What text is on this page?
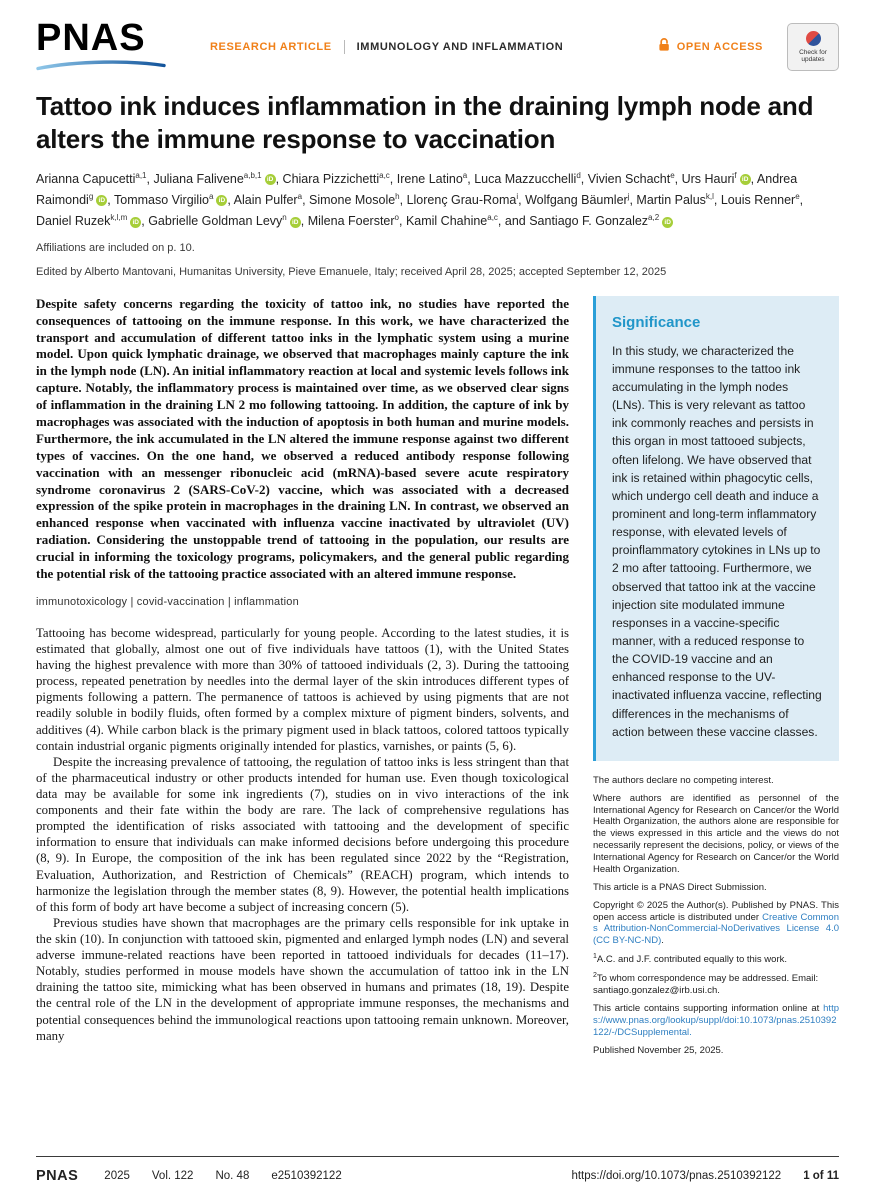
PNAS	RESEARCH ARTICLE IMMUNOLOGY AND INFLAMMATION	OPEN ACCESS	Check for updates
Tattoo ink induces inflammation in the draining lymph node and alters the immune response to vaccination

Arianna Capucetti$^{a,1}$, Juliana Falivene$^{a,b,1}$ iD , Chiara Pizzichetti$^{a,c}$, Irene Latino$^a$, Luca Mazzucchelli$^d$, Vivien Schacht$^e$, Urs Hauri$^f$ iD , Andrea Raimondi$^g$ iD , Tommaso Virgilio$^a$ iD , Alain Pulfer$^a$, Simone Mosole$^h$, Llorenç Grau-Roma$^i$, Wolfgang Bäumler$^j$, Martin Palus$^{k,l}$, Louis Renner$^e$, Daniel Ruzek$^{k,l,m}$ iD , Gabrielle Goldman Levy$^n$ iD , Milena Foerster$^o$, Kamil Chahine$^{a,c}$, and Santiago F. Gonzalez$^{a,2}$ iD

Affiliations are included on p. 10.

Edited by Alberto Mantovani, Humanitas University, Pieve Emanuele, Italy; received April 28, 2025; accepted September 12, 2025

Despite safety concerns regarding the toxicity of tattoo ink, no studies have reported the consequences of tattooing on the immune response. In this work, we have characterized the transport and accumulation of different tattoo inks in the lymphatic system using a murine model. Upon quick lymphatic drainage, we observed that macrophages mainly capture the ink in the lymph node (LN). An initial inflammatory reaction at local and systemic levels follows ink capture. Notably, the inflammatory process is maintained over time, as we observed clear signs of inflammation in the draining LN 2 mo following tattooing. In addition, the capture of ink by macrophages was associated with the induction of apoptosis in both human and murine models. Furthermore, the ink accumulated in the LN altered the immune response against two different types of vaccines. On the one hand, we observed a reduced antibody response following vaccination with an messenger ribonucleic acid (mRNA)-based severe acute respiratory syndrome coronavirus 2 (SARS-CoV-2) vaccine, which was associated with a decreased expression of the spike protein in macrophages in the draining LN. In contrast, we observed an enhanced response when vaccinated with influenza vaccine inactivated by ultraviolet (UV) radiation. Considering the unstoppable trend of tattooing in the population, our results are crucial in informing the toxicology programs, policymakers, and the general public regarding the potential risk of the tattooing practice associated with an altered immune response.

immunotoxicology | covid-vaccination | inflammation

Tattooing has become widespread, particularly for young people. According to the latest studies, it is estimated that globally, almost one out of five individuals have tattoos (1), with the United States having the highest prevalence with more than 30% of tattooed individuals (2, 3). During the tattooing process, repeated penetration by needles into the dermal layer of the skin introduces different types of pigments following a pattern. The permanence of tattoos is achieved by using pigments that are not readily soluble in bodily fluids, often formed by a complex mixture of pigment binders, solvents, and additives (4). While carbon black is the primary pigment used in black tattoos, colored tattoos typically contain industrial organic pigments originally intended for plastics, varnishes, or paints (5, 6).

Despite the increasing prevalence of tattooing, the regulation of tattoo inks is less stringent than that of the pharmaceutical industry or other products intended for human use. Even though toxicological data may be available for some ink ingredients (7), studies on in vivo interactions of the ink components and their fate within the body are rare. The lack of comprehensive regulations has prompted the identification of risks associated with tattooing and the development of specific information to ensure that individuals can make informed decisions before undergoing this procedure (8, 9). In Europe, the composition of the ink has been regulated since 2022 by the “Registration, Evaluation, Authorization, and Restriction of Chemicals” (REACH) program, which intends to harmonize the legislation through the member states (8, 9). However, the potential health implications of this form of body art have become a subject of increasing concern (5).

Previous studies have shown that macrophages are the primary cells responsible for ink uptake in the skin (10). In conjunction with tattooed skin, pigmented and enlarged lymph nodes (LN) and several adverse immune-related reactions have been reported in tattooed individuals for decades (11–17). Notably, studies performed in mouse models have shown the accumulation of tattoo ink in the LN draining the tattoo site, mimicking what has been observed in humans and primates (18, 19). Despite the central role of the LN in the development of appropriate immune responses, the mechanisms and potential consequences behind the immunological reactions upon tattooing remain unknown. Moreover, many

Significance

In this study, we characterized the immune responses to the tattoo ink accumulating in the lymph nodes (LNs). This is very relevant as tattoo ink commonly reaches and persists in this organ in most tattooed subjects, often lifelong. We have observed that ink is retained within phagocytic cells, which undergo cell death and induce a prominent and long-term inflammatory response, with elevated levels of proinflammatory cytokines in LNs up to 2 mo after tattooing. Furthermore, we observed that tattoo ink at the vaccine injection site modulated immune responses in a vaccine-specific manner, with a reduced response to the COVID-19 vaccine and an enhanced response to the UV-inactivated influenza vaccine, reflecting differences in the mechanisms of action between these vaccine classes.

The authors declare no competing interest.

Where authors are identified as personnel of the International Agency for Research on Cancer/or the World Health Organization, the authors alone are responsible for the views expressed in this article and the views do not necessarily represent the decisions, policy, or views of the International Agency for Research on Cancer/or the World Health Organization.

This article is a PNAS Direct Submission.

Copyright © 2025 the Author(s). Published by PNAS. This open access article is distributed under Creative Commons Attribution-NonCommercial-NoDerivatives License 4.0 (CC BY-NC-ND).

$^1$A.C. and J.F. contributed equally to this work.

$^2$To whom correspondence may be addressed. Email: santiago.gonzalez@irb.usi.ch.

This article contains supporting information online at https://www.pnas.org/lookup/suppl/doi:10.1073/pnas.2510392122/-/DCSupplemental.

Published November 25, 2025.

PNAS 2025 Vol. 122 No. 48 e2510392122	https://doi.org/10.1073/pnas.2510392122 1 of 11
